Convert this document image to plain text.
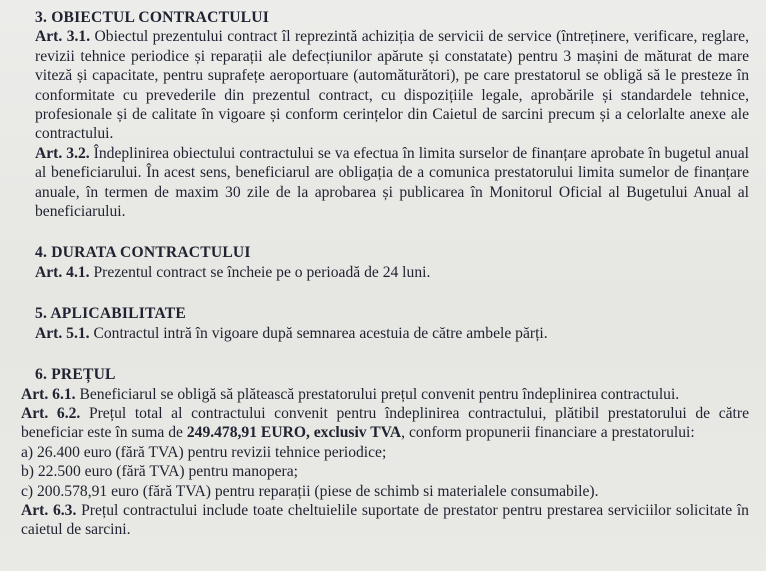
3. OBIECTUL CONTRACTULUI

Art. 3.1. Obiectul prezentului contract îl reprezintă achiziția de servicii de service (întreținere, verificare, reglare, revizii tehnice periodice și reparații ale defecțiunilor apărute și constatate) pentru 3 mașini de măturat de mare viteză și capacitate, pentru suprafețe aeroportuare (automăturători), pe care prestatorul se obligă să le presteze în conformitate cu prevederile din prezentul contract, cu dispozițiile legale, aprobările și standardele tehnice, profesionale și de calitate în vigoare și conform cerințelor din Caietul de sarcini precum și a celorlalte anexe ale contractului.

Art. 3.2. Îndeplinirea obiectului contractului se va efectua în limita surselor de finanțare aprobate în bugetul anual al beneficiarului. În acest sens, beneficiarul are obligația de a comunica prestatorului limita sumelor de finanțare anuale, în termen de maxim 30 zile de la aprobarea și publicarea în Monitorul Oficial al Bugetului Anual al beneficiarului.

4. DURATA CONTRACTULUI

Art. 4.1. Prezentul contract se încheie pe o perioadă de 24 luni.

5. APLICABILITATE

Art. 5.1. Contractul intră în vigoare după semnarea acestuia de către ambele părți.

6. PREȚUL

Art. 6.1. Beneficiarul se obligă să plătească prestatorului prețul convenit pentru îndeplinirea contractului.

Art. 6.2. Prețul total al contractului convenit pentru îndeplinirea contractului, plătibil prestatorului de către beneficiar este în suma de 249.478,91 EURO, exclusiv TVA, conform propunerii financiare a prestatorului:

a) 26.400 euro (fără TVA) pentru revizii tehnice periodice;

b) 22.500 euro (fără TVA) pentru manopera;

c) 200.578,91 euro (fără TVA) pentru reparații (piese de schimb si materialele consumabile).

Art. 6.3. Prețul contractului include toate cheltuielile suportate de prestator pentru prestarea serviciilor solicitate în caietul de sarcini.
